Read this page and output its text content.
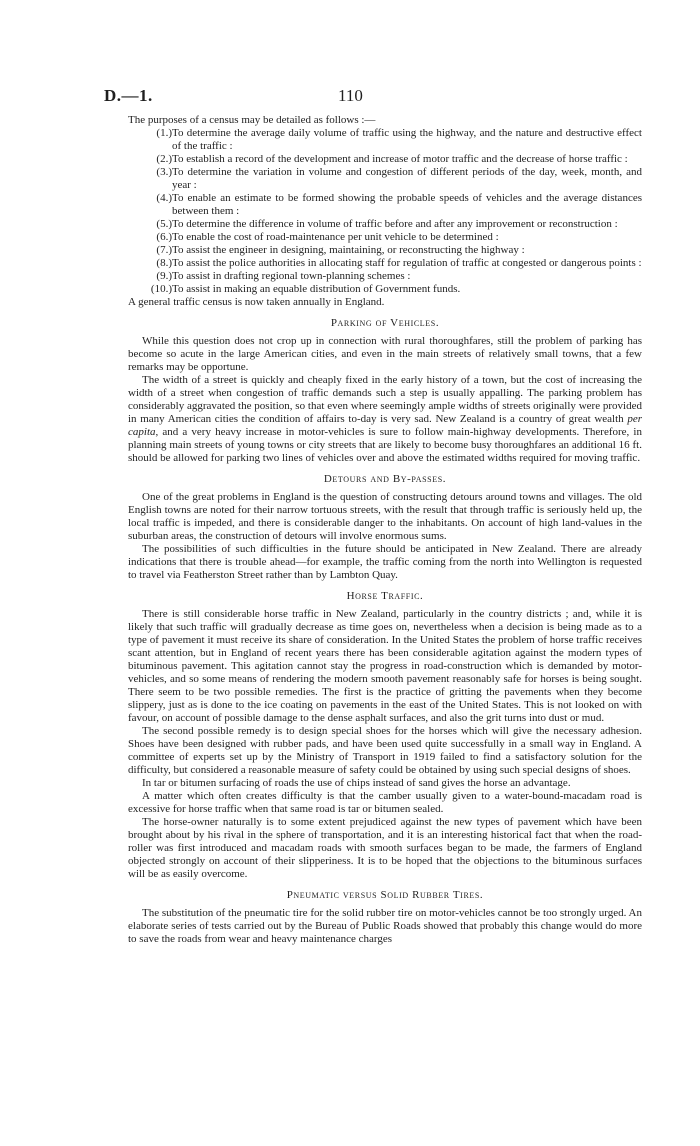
D.—1.	110

The purposes of a census may be detailed as follows :—

(1.) To determine the average daily volume of traffic using the highway, and the nature and destructive effect of the traffic :
(2.) To establish a record of the development and increase of motor traffic and the decrease of horse traffic :
(3.) To determine the variation in volume and congestion of different periods of the day, week, month, and year :
(4.) To enable an estimate to be formed showing the probable speeds of vehicles and the average distances between them :
(5.) To determine the difference in volume of traffic before and after any improvement or reconstruction :
(6.) To enable the cost of road-maintenance per unit vehicle to be determined :
(7.) To assist the engineer in designing, maintaining, or reconstructing the highway :
(8.) To assist the police authorities in allocating staff for regulation of traffic at congested or dangerous points :
(9.) To assist in drafting regional town-planning schemes :
(10.) To assist in making an equable distribution of Government funds.

A general traffic census is now taken annually in England.

Parking of Vehicles.

While this question does not crop up in connection with rural thoroughfares, still the problem of parking has become so acute in the large American cities, and even in the main streets of relatively small towns, that a few remarks may be opportune.

The width of a street is quickly and cheaply fixed in the early history of a town, but the cost of increasing the width of a street when congestion of traffic demands such a step is usually appalling. The parking problem has considerably aggravated the position, so that even where seemingly ample widths of streets originally were provided in many American cities the condition of affairs to-day is very sad. New Zealand is a country of great wealth per capita, and a very heavy increase in motor-vehicles is sure to follow main-highway developments. Therefore, in planning main streets of young towns or city streets that are likely to become busy thoroughfares an additional 16 ft. should be allowed for parking two lines of vehicles over and above the estimated widths required for moving traffic.

Detours and By-passes.

One of the great problems in England is the question of constructing detours around towns and villages. The old English towns are noted for their narrow tortuous streets, with the result that through traffic is seriously held up, the local traffic is impeded, and there is considerable danger to the inhabitants. On account of high land-values in the suburban areas, the construction of detours will involve enormous sums.

The possibilities of such difficulties in the future should be anticipated in New Zealand. There are already indications that there is trouble ahead—for example, the traffic coming from the north into Wellington is requested to travel via Featherston Street rather than by Lambton Quay.

Horse Traffic.

There is still considerable horse traffic in New Zealand, particularly in the country districts ; and, while it is likely that such traffic will gradually decrease as time goes on, nevertheless when a decision is being made as to a type of pavement it must receive its share of consideration. In the United States the problem of horse traffic receives scant attention, but in England of recent years there has been considerable agitation against the modern types of bituminous pavement. This agitation cannot stay the progress in road-construction which is demanded by motor-vehicles, and so some means of rendering the modern smooth pavement reasonably safe for horses is being sought. There seem to be two possible remedies. The first is the practice of gritting the pavements when they become slippery, just as is done to the ice coating on pavements in the east of the United States. This is not looked on with favour, on account of possible damage to the dense asphalt surfaces, and also the grit turns into dust or mud.

The second possible remedy is to design special shoes for the horses which will give the necessary adhesion. Shoes have been designed with rubber pads, and have been used quite successfully in a small way in England. A committee of experts set up by the Ministry of Transport in 1919 failed to find a satisfactory solution for the difficulty, but considered a reasonable measure of safety could be obtained by using such special designs of shoes.

In tar or bitumen surfacing of roads the use of chips instead of sand gives the horse an advantage.

A matter which often creates difficulty is that the camber usually given to a water-bound-macadam road is excessive for horse traffic when that same road is tar or bitumen sealed.

The horse-owner naturally is to some extent prejudiced against the new types of pavement which have been brought about by his rival in the sphere of transportation, and it is an interesting historical fact that when the road-roller was first introduced and macadam roads with smooth surfaces began to be made, the farmers of England objected strongly on account of their slipperiness. It is to be hoped that the objections to the bituminous surfaces will be as easily overcome.

Pneumatic versus Solid Rubber Tires.

The substitution of the pneumatic tire for the solid rubber tire on motor-vehicles cannot be too strongly urged. An elaborate series of tests carried out by the Bureau of Public Roads showed that probably this change would do more to save the roads from wear and heavy maintenance charges
